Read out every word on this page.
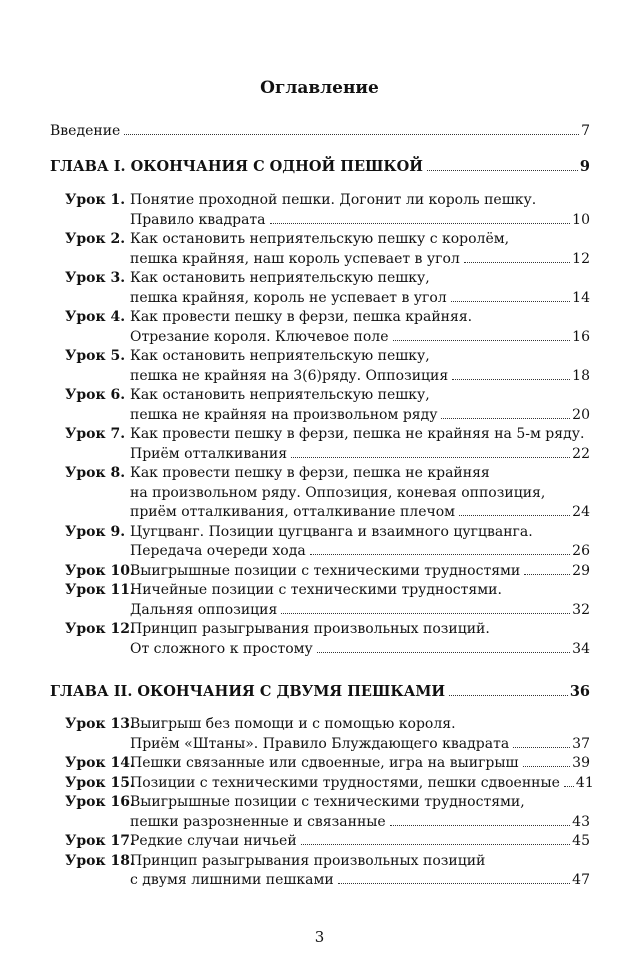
Оглавление
Введение	7
ГЛАВА I. ОКОНЧАНИЯ С ОДНОЙ ПЕШКОЙ	9
Урок 1. Понятие проходной пешки. Догонит ли король пешку.
Правило квадрата	10
Урок 2. Как остановить неприятельскую пешку с королём,
пешка крайняя, наш король успевает в угол	12
Урок 3. Как остановить неприятельскую пешку,
пешка крайняя, король не успевает в угол	14
Урок 4. Как провести пешку в ферзи, пешка крайняя.
Отрезание короля. Ключевое поле	16
Урок 5. Как остановить неприятельскую пешку,
пешка не крайняя на 3(6)ряду. Оппозиция	18
Урок 6. Как остановить неприятельскую пешку,
пешка не крайняя на произвольном ряду	20
Урок 7. Как провести пешку в ферзи, пешка не крайняя на 5-м ряду.
Приём отталкивания	22
Урок 8. Как провести пешку в ферзи, пешка не крайняя
на произвольном ряду. Оппозиция, коневая оппозиция,
приём отталкивания, отталкивание плечом	24
Урок 9. Цугцванг. Позиции цугцванга и взаимного цугцванга.
Передача очереди хода	26
Урок 10.
Выигрышные позиции с техническими трудностями	29
Урок 11.
Ничейные позиции с техническими трудностями.
Дальняя оппозиция	32
Урок 12.
Принцип разыгрывания произвольных позиций.
От сложного к простому	34
ГЛАВА II. ОКОНЧАНИЯ С ДВУМЯ ПЕШКАМИ	36
Урок 13.
Выигрыш без помощи и с помощью короля.
Приём «Штаны». Правило Блуждающего квадрата	37
Урок 14.
Пешки связанные или сдвоенные, игра на выигрыш	39
Урок 15.
Позиции с техническими трудностями, пешки сдвоенные 41
Урок 16.
Выигрышные позиции с техническими трудностями,
пешки разрозненные и связанные	43
Урок 17.
Редкие случаи ничьей	45
Урок 18.
Принцип разыгрывания произвольных позиций
с двумя лишними пешками	47
3
